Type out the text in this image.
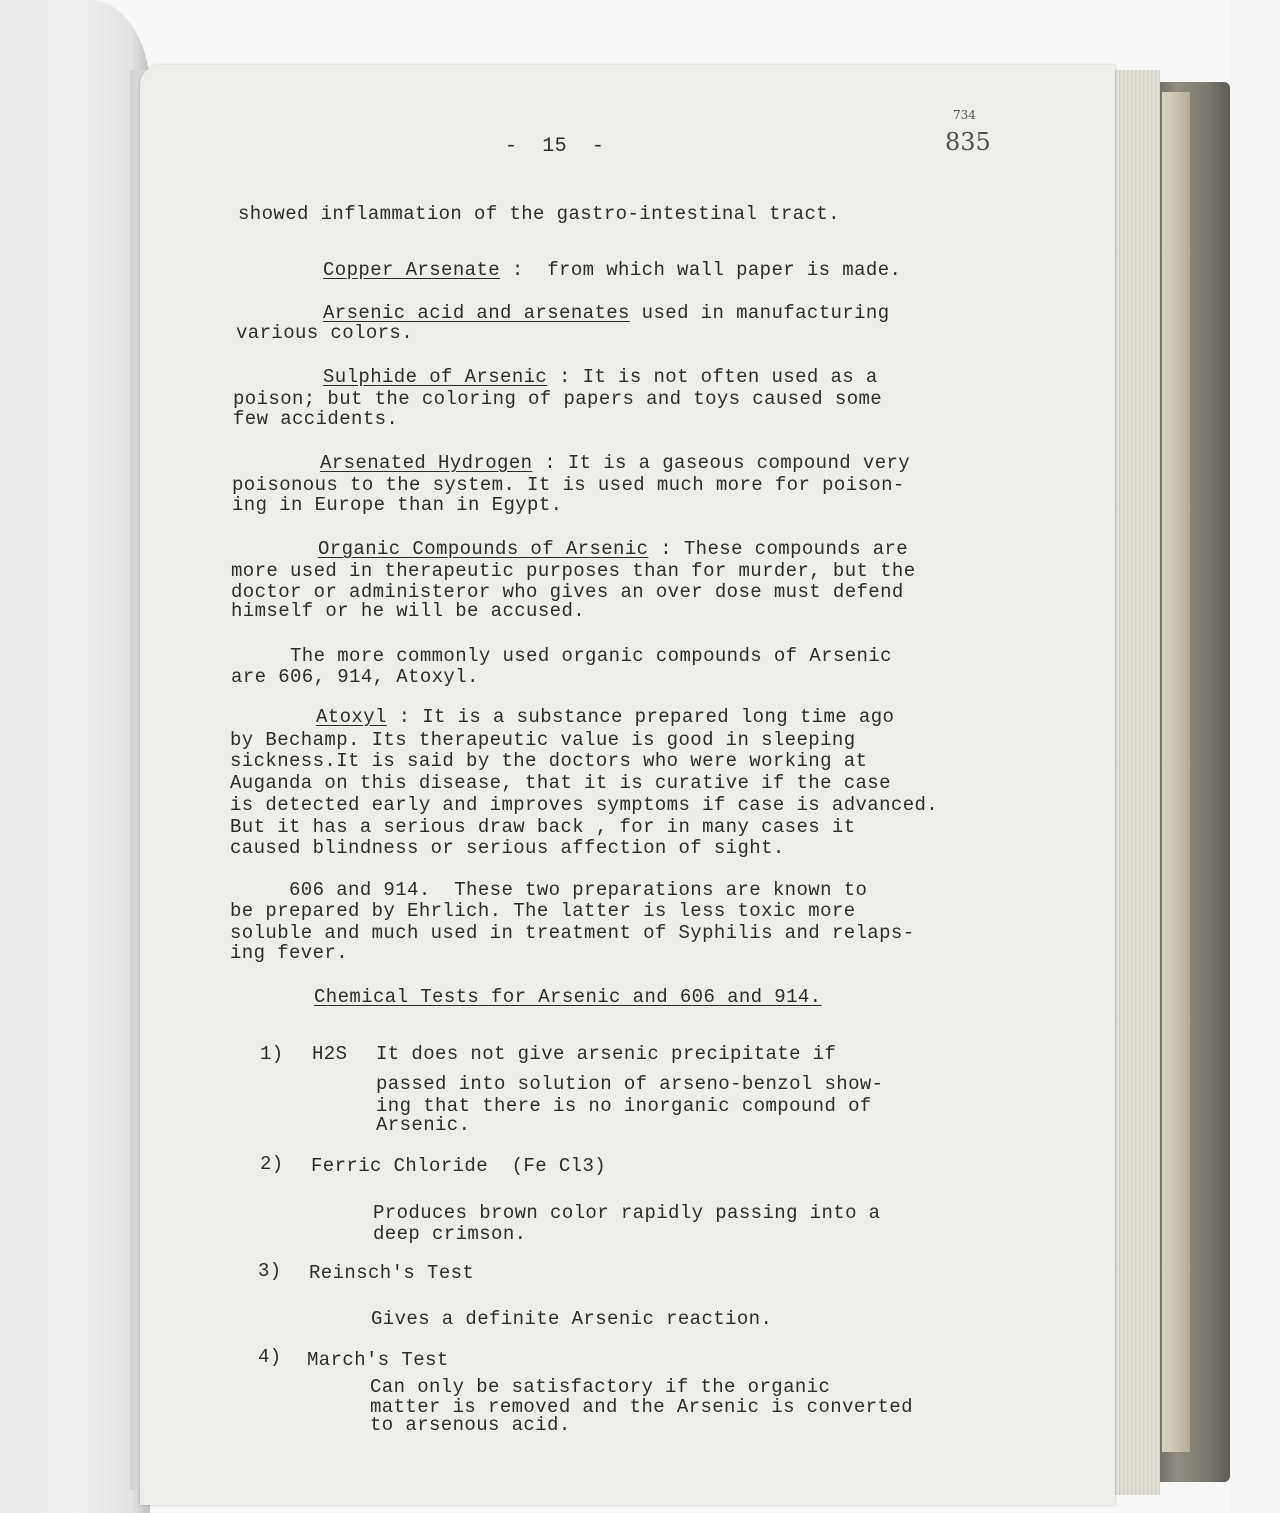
-  15  -
734
835
showed inflammation of the gastro-intestinal tract.
Copper Arsenate :  from which wall paper is made.
Arsenic acid and arsenates used in manufacturing
various colors.
Sulphide of Arsenic : It is not often used as a
poison; but the coloring of papers and toys caused some
few accidents.
Arsenated Hydrogen : It is a gaseous compound very
poisonous to the system. It is used much more for poison-
ing in Europe than in Egypt.
Organic Compounds of Arsenic : These compounds are
more used in therapeutic purposes than for murder, but the
doctor or administeror who gives an over dose must defend
himself or he will be accused.
The more commonly used organic compounds of Arsenic
are 606, 914, Atoxyl.
Atoxyl : It is a substance prepared long time ago
by Bechamp. Its therapeutic value is good in sleeping
sickness.It is said by the doctors who were working at
Auganda on this disease, that it is curative if the case
is detected early and improves symptoms if case is advanced.
But it has a serious draw back , for in many cases it
caused blindness or serious affection of sight.
606 and 914.  These two preparations are known to
be prepared by Ehrlich. The latter is less toxic more
soluble and much used in treatment of Syphilis and relaps-
ing fever.
Chemical Tests for Arsenic and 606 and 914.
1) H2S It does not give arsenic precipitate if
passed into solution of arseno-benzol show-
ing that there is no inorganic compound of
Arsenic.
2) Ferric Chloride  (Fe Cl3)
Produces brown color rapidly passing into a
deep crimson.
3) Reinsch's Test
Gives a definite Arsenic reaction.
4) March's Test
Can only be satisfactory if the organic
matter is removed and the Arsenic is converted
to arsenous acid.
